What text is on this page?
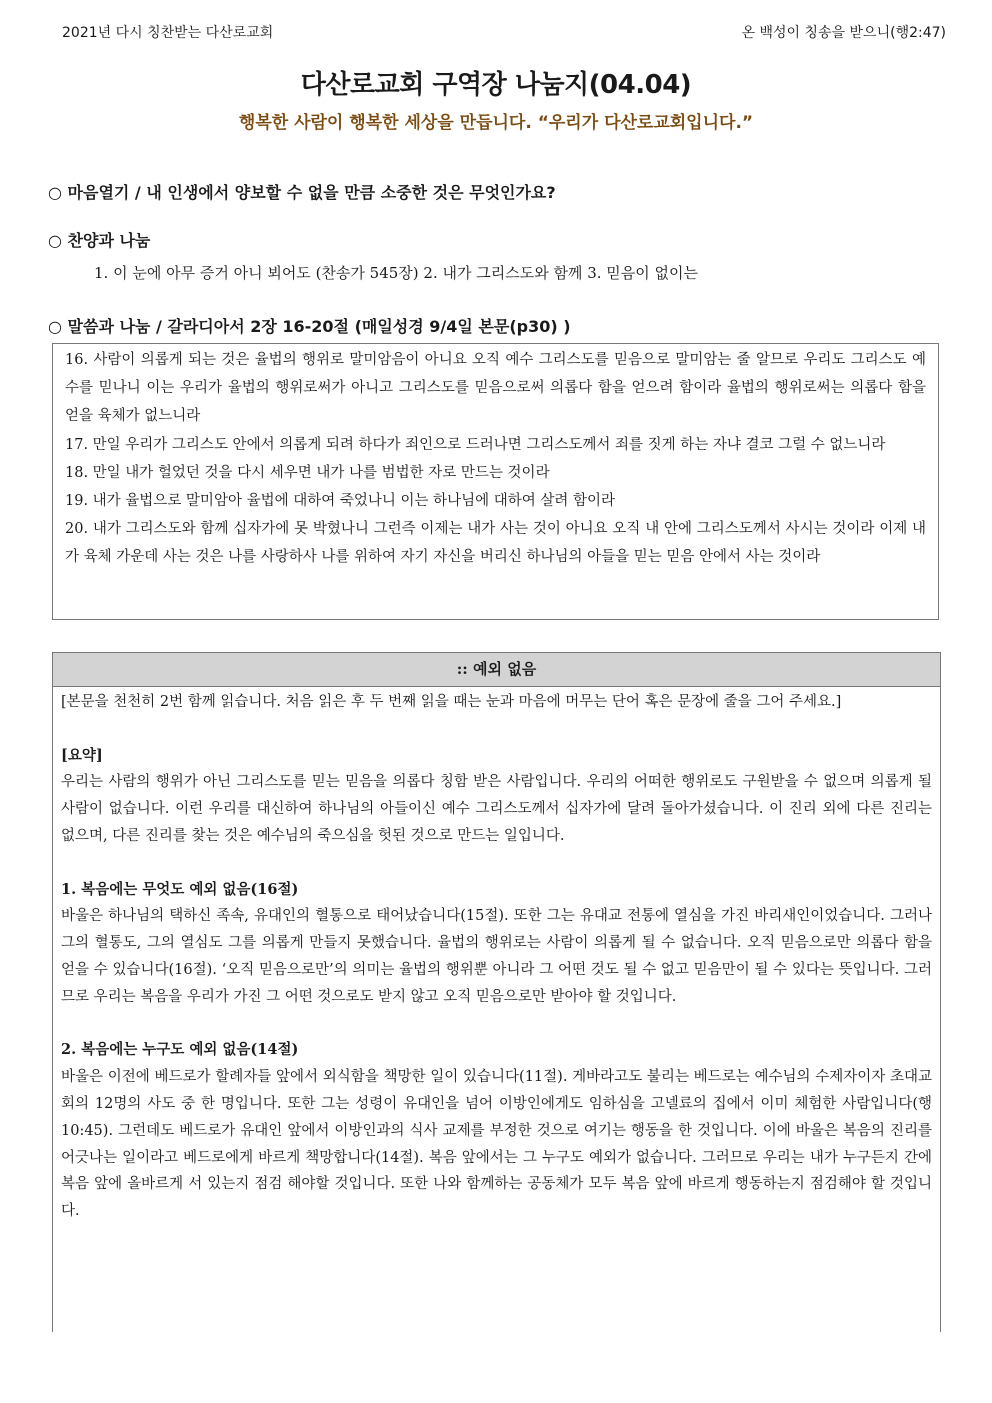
2021년 다시 칭찬받는 다산로교회	온 백성이 칭송을 받으니(행2:47)
다산로교회 구역장 나눔지(04.04)
행복한 사람이 행복한 세상을 만듭니다. “우리가 다산로교회입니다.”
○ 마음열기 / 내 인생에서 양보할 수 없을 만큼 소중한 것은 무엇인가요?
○ 찬양과 나눔
1. 이 눈에 아무 증거 아니 뵈어도 (찬송가 545장) 2. 내가 그리스도와 함께 3. 믿음이 없이는
○ 말씀과 나눔 / 갈라디아서 2장 16-20절 (매일성경 9/4일 본문(p30) )

16. 사람이 의롭게 되는 것은 율법의 행위로 말미암음이 아니요 오직 예수 그리스도를 믿음으로 말미암는 줄 알므로 우리도 그리스도 예수를 믿나니 이는 우리가 율법의 행위로써가 아니고 그리스도를 믿음으로써 의롭다 함을 얻으려 함이라 율법의 행위로써는 의롭다 함을 얻을 육체가 없느니라

17. 만일 우리가 그리스도 안에서 의롭게 되려 하다가 죄인으로 드러나면 그리스도께서 죄를 짓게 하는 자냐 결코 그럴 수 없느니라

18. 만일 내가 헐었던 것을 다시 세우면 내가 나를 범법한 자로 만드는 것이라

19. 내가 율법으로 말미암아 율법에 대하여 죽었나니 이는 하나님에 대하여 살려 함이라

20. 내가 그리스도와 함께 십자가에 못 박혔나니 그런즉 이제는 내가 사는 것이 아니요 오직 내 안에 그리스도께서 사시는 것이라 이제 내가 육체 가운데 사는 것은 나를 사랑하사 나를 위하여 자기 자신을 버리신 하나님의 아들을 믿는 믿음 안에서 사는 것이라

:: 예외 없음

[본문을 천천히 2번 함께 읽습니다. 처음 읽은 후 두 번째 읽을 때는 눈과 마음에 머무는 단어 혹은 문장에 줄을 그어 주세요.]

[요약]

우리는 사람의 행위가 아닌 그리스도를 믿는 믿음을 의롭다 칭함 받은 사람입니다. 우리의 어떠한 행위로도 구원받을 수 없으며 의롭게 될 사람이 없습니다. 이런 우리를 대신하여 하나님의 아들이신 예수 그리스도께서 십자가에 달려 돌아가셨습니다. 이 진리 외에 다른 진리는 없으며, 다른 진리를 찾는 것은 예수님의 죽으심을 헛된 것으로 만드는 일입니다.

1. 복음에는 무엇도 예외 없음(16절)

바울은 하나님의 택하신 족속, 유대인의 혈통으로 태어났습니다(15절). 또한 그는 유대교 전통에 열심을 가진 바리새인이었습니다. 그러나 그의 혈통도, 그의 열심도 그를 의롭게 만들지 못했습니다. 율법의 행위로는 사람이 의롭게 될 수 없습니다. 오직 믿음으로만 의롭다 함을 얻을 수 있습니다(16절). ‘오직 믿음으로만’의 의미는 율법의 행위뿐 아니라 그 어떤 것도 될 수 없고 믿음만이 될 수 있다는 뜻입니다. 그러므로 우리는 복음을 우리가 가진 그 어떤 것으로도 받지 않고 오직 믿음으로만 받아야 할 것입니다.

2. 복음에는 누구도 예외 없음(14절)

바울은 이전에 베드로가 할례자들 앞에서 외식함을 책망한 일이 있습니다(11절). 게바라고도 불리는 베드로는 예수님의 수제자이자 초대교회의 12명의 사도 중 한 명입니다. 또한 그는 성령이 유대인을 넘어 이방인에게도 임하심을 고넬료의 집에서 이미 체험한 사람입니다(행 10:45). 그런데도 베드로가 유대인 앞에서 이방인과의 식사 교제를 부정한 것으로 여기는 행동을 한 것입니다. 이에 바울은 복음의 진리를 어긋나는 일이라고 베드로에게 바르게 책망합니다(14절). 복음 앞에서는 그 누구도 예외가 없습니다. 그러므로 우리는 내가 누구든지 간에 복음 앞에 올바르게 서 있는지 점검 해야할 것입니다. 또한 나와 함께하는 공동체가 모두 복음 앞에 바르게 행동하는지 점검해야 할 것입니다.
